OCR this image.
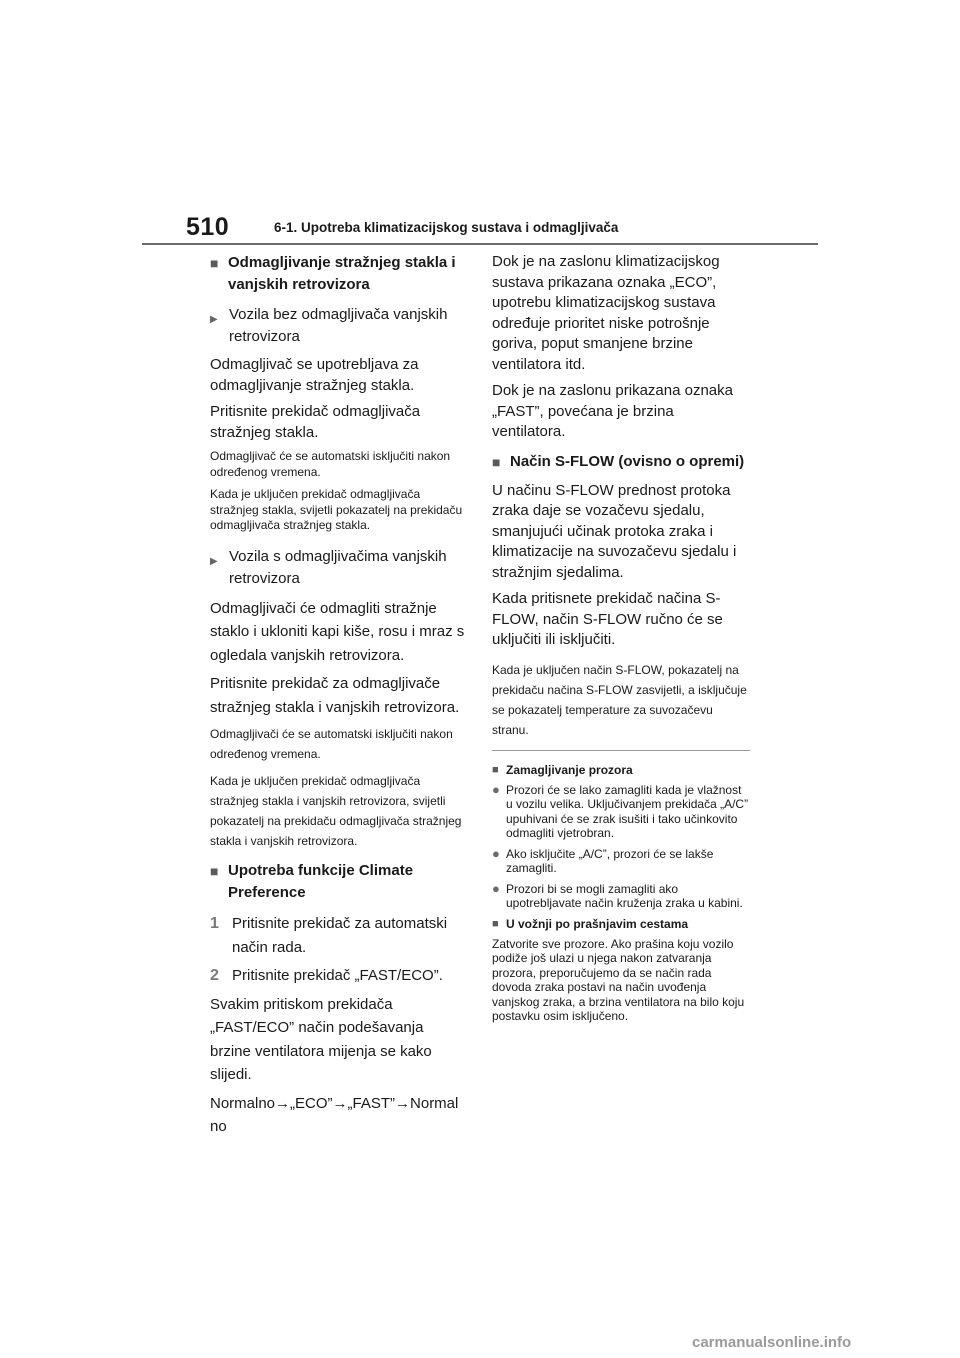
510	6-1. Upotreba klimatizacijskog sustava i odmagljivača
■ Odmagljivanje stražnjeg stakla i vanjskih retrovizora
▶ Vozila bez odmagljivača vanjskih retrovizora

Odmagljivač se upotrebljava za odmagljivanje stražnjeg stakla.

Pritisnite prekidač odmagljivača stražnjeg stakla.

Odmagljivač će se automatski isključiti nakon određenog vremena.

Kada je uključen prekidač odmagljivača stražnjeg stakla, svijetli pokazatelj na prekidaču odmagljivača stražnjeg stakla.

▶ Vozila s odmagljivačima vanjskih retrovizora

Odmagljivači će odmagliti stražnje staklo i ukloniti kapi kiše, rosu i mraz s ogledala vanjskih retrovizora.

Pritisnite prekidač za odmagljivače stražnjeg stakla i vanjskih retrovizora.

Odmagljivači će se automatski isključiti nakon određenog vremena.

Kada je uključen prekidač odmagljivača stražnjeg stakla i vanjskih retrovizora, svijetli pokazatelj na prekidaču odmagljivača stražnjeg stakla i vanjskih retrovizora.

■ Upotreba funkcije Climate Preference
1 Pritisnite prekidač za automatski način rada.
2 Pritisnite prekidač „FAST/ECO”.

Svakim pritiskom prekidača „FAST/ECO” način podešavanja brzine ventilatora mijenja se kako slijedi.

Normalno→„ECO”→„FAST”→Normalno

Dok je na zaslonu klimatizacijskog sustava prikazana oznaka „ECO”, upotrebu klimatizacijskog sustava određuje prioritet niske potrošnje goriva, poput smanjene brzine ventilatora itd.

Dok je na zaslonu prikazana oznaka „FAST”, povećana je brzina ventilatora.

■ Način S-FLOW (ovisno o opremi)

U načinu S-FLOW prednost protoka zraka daje se vozačevu sjedalu, smanjujući učinak protoka zraka i klimatizacije na suvozačevu sjedalu i stražnjim sjedalima.

Kada pritisnete prekidač načina S-FLOW, način S-FLOW ručno će se uključiti ili isključiti.

Kada je uključen način S-FLOW, pokazatelj na prekidaču načina S-FLOW zasvijetli, a isključuje se pokazatelj temperature za suvozačevu stranu.

■ Zamagljivanje prozora
● Prozori će se lako zamagliti kada je vlažnost u vozilu velika. Uključivanjem prekidača „A/C” upuhivani će se zrak isušiti i tako učinkovito odmagliti vjetrobran.
● Ako isključite „A/C”, prozori će se lakše zamagliti.
● Prozori bi se mogli zamagliti ako upotrebljavate način kruženja zraka u kabini.
■ U vožnji po prašnjavim cestama

Zatvorite sve prozore. Ako prašina koju vozilo podiže još ulazi u njega nakon zatvaranja prozora, preporučujemo da se način rada dovoda zraka postavi na način uvođenja vanjskog zraka, a brzina ventilatora na bilo koju postavku osim isključeno.

carmanualsonline.info
